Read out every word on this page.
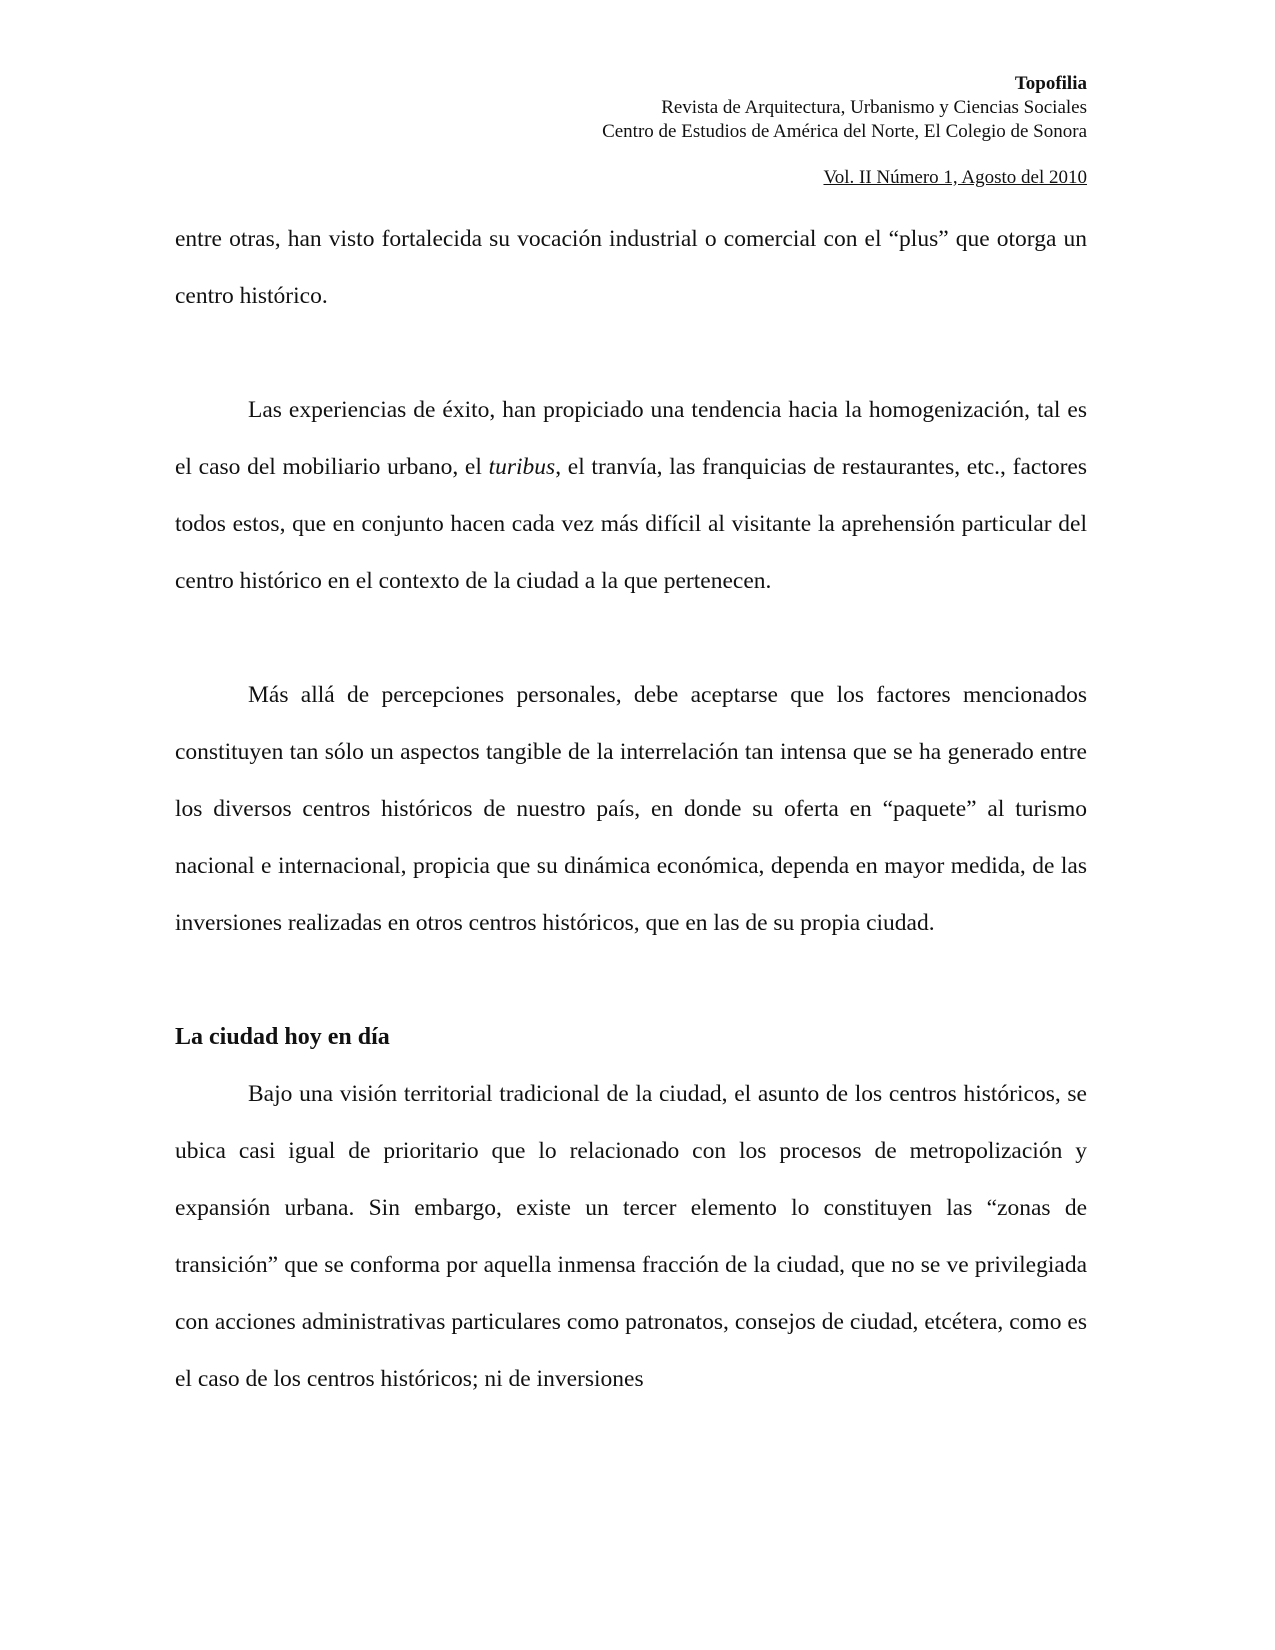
Topofilia
Revista de Arquitectura, Urbanismo y Ciencias Sociales
Centro de Estudios de América del Norte, El Colegio de Sonora
Vol. II Número 1, Agosto del 2010

entre otras, han visto fortalecida su vocación industrial o comercial con el “plus” que otorga un centro histórico.

Las experiencias de éxito, han propiciado una tendencia hacia la homogenización, tal es el caso del mobiliario urbano, el turibus, el tranvía, las franquicias de restaurantes, etc., factores todos estos, que en conjunto hacen cada vez más difícil al visitante la aprehensión particular del centro histórico en el contexto de la ciudad a la que pertenecen.

Más allá de percepciones personales, debe aceptarse que los factores mencionados constituyen tan sólo un aspectos tangible de la interrelación tan intensa que se ha generado entre los diversos centros históricos de nuestro país, en donde su oferta en “paquete” al turismo nacional e internacional, propicia que su dinámica económica, dependa en mayor medida, de las inversiones realizadas en otros centros históricos, que en las de su propia ciudad.

La ciudad hoy en día

Bajo una visión territorial tradicional de la ciudad, el asunto de los centros históricos, se ubica casi igual de prioritario que lo relacionado con los procesos de metropolización y expansión urbana. Sin embargo, existe un tercer elemento lo constituyen las “zonas de transición” que se conforma por aquella inmensa fracción de la ciudad, que no se ve privilegiada con acciones administrativas particulares como patronatos, consejos de ciudad, etcétera, como es el caso de los centros históricos; ni de inversiones
